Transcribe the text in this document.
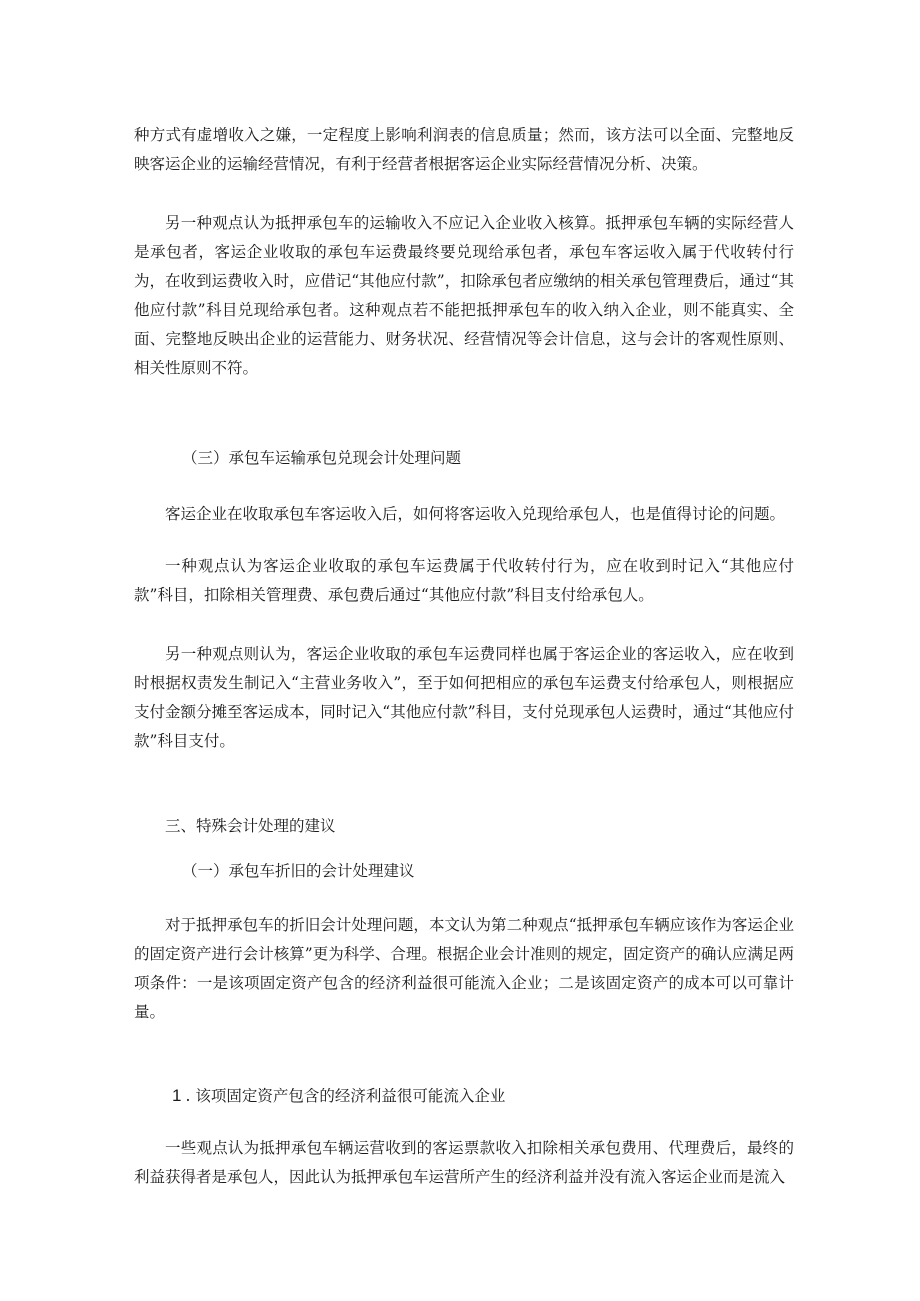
种方式有虚增收入之嫌，一定程度上影响利润表的信息质量；然而，该方法可以全面、完整地反映客运企业的运输经营情况，有利于经营者根据客运企业实际经营情况分析、决策。

另一种观点认为抵押承包车的运输收入不应记入企业收入核算。抵押承包车辆的实际经营人是承包者，客运企业收取的承包车运费最终要兑现给承包者，承包车客运收入属于代收转付行为，在收到运费收入时，应借记“其他应付款”，扣除承包者应缴纳的相关承包管理费后，通过“其他应付款”科目兑现给承包者。这种观点若不能把抵押承包车的收入纳入企业，则不能真实、全面、完整地反映出企业的运营能力、财务状况、经营情况等会计信息，这与会计的客观性原则、相关性原则不符。

（三）承包车运输承包兑现会计处理问题

客运企业在收取承包车客运收入后，如何将客运收入兑现给承包人，也是值得讨论的问题。

一种观点认为客运企业收取的承包车运费属于代收转付行为，应在收到时记入“其他应付款”科目，扣除相关管理费、承包费后通过“其他应付款”科目支付给承包人。

另一种观点则认为，客运企业收取的承包车运费同样也属于客运企业的客运收入，应在收到时根据权责发生制记入“主营业务收入”，至于如何把相应的承包车运费支付给承包人，则根据应支付金额分摊至客运成本，同时记入“其他应付款”科目，支付兑现承包人运费时，通过“其他应付款”科目支付。

三、特殊会计处理的建议

（一）承包车折旧的会计处理建议

对于抵押承包车的折旧会计处理问题，本文认为第二种观点“抵押承包车辆应该作为客运企业的固定资产进行会计核算”更为科学、合理。根据企业会计准则的规定，固定资产的确认应满足两项条件：一是该项固定资产包含的经济利益很可能流入企业；二是该固定资产的成本可以可靠计量。

1 . 该项固定资产包含的经济利益很可能流入企业

一些观点认为抵押承包车辆运营收到的客运票款收入扣除相关承包费用、代理费后，最终的利益获得者是承包人，因此认为抵押承包车运营所产生的经济利益并没有流入客运企业而是流入
